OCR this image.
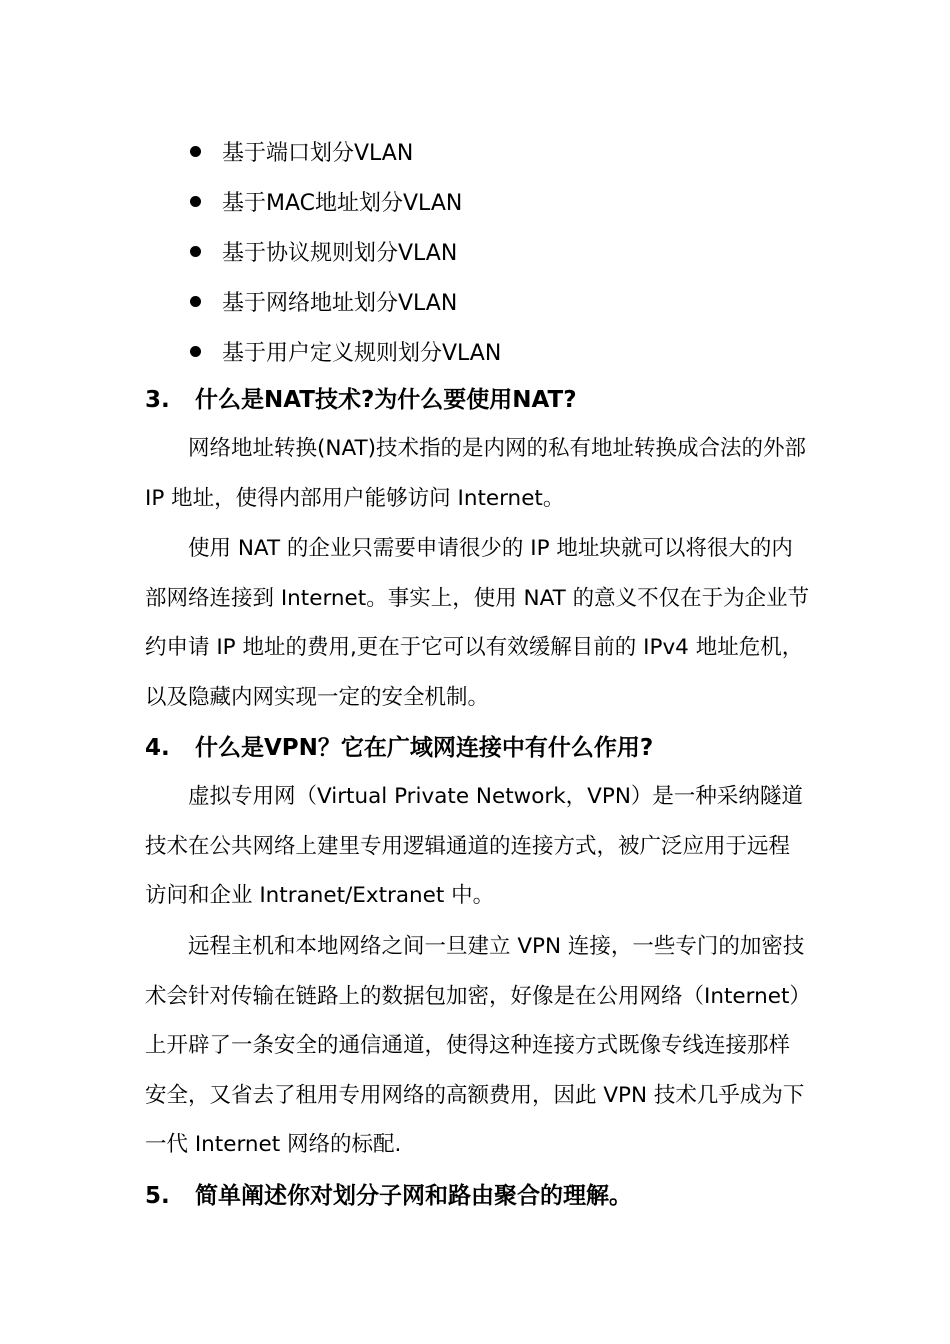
基于端口划分VLAN
基于MAC地址划分VLAN
基于协议规则划分VLAN
基于网络地址划分VLAN
基于用户定义规则划分VLAN
3. 什么是NAT技术?为什么要使用NAT?

网络地址转换(NAT)技术指的是内网的私有地址转换成合法的外部 IP 地址，使得内部用户能够访问 Internet。

使用 NAT 的企业只需要申请很少的 IP 地址块就可以将很大的内部网络连接到 Internet。事实上，使用 NAT 的意义不仅在于为企业节约申请 IP 地址的费用,更在于它可以有效缓解目前的 IPv4 地址危机，以及隐藏内网实现一定的安全机制。

4. 什么是VPN？它在广域网连接中有什么作用?

虚拟专用网（Virtual Private Network，VPN）是一种采纳隧道技术在公共网络上建里专用逻辑通道的连接方式，被广泛应用于远程访问和企业 Intranet/Extranet 中。

远程主机和本地网络之间一旦建立 VPN 连接，一些专门的加密技术会针对传输在链路上的数据包加密，好像是在公用网络（Internet）上开辟了一条安全的通信通道，使得这种连接方式既像专线连接那样安全，又省去了租用专用网络的高额费用，因此 VPN 技术几乎成为下一代 Internet 网络的标配.

5. 简单阐述你对划分子网和路由聚合的理解。
